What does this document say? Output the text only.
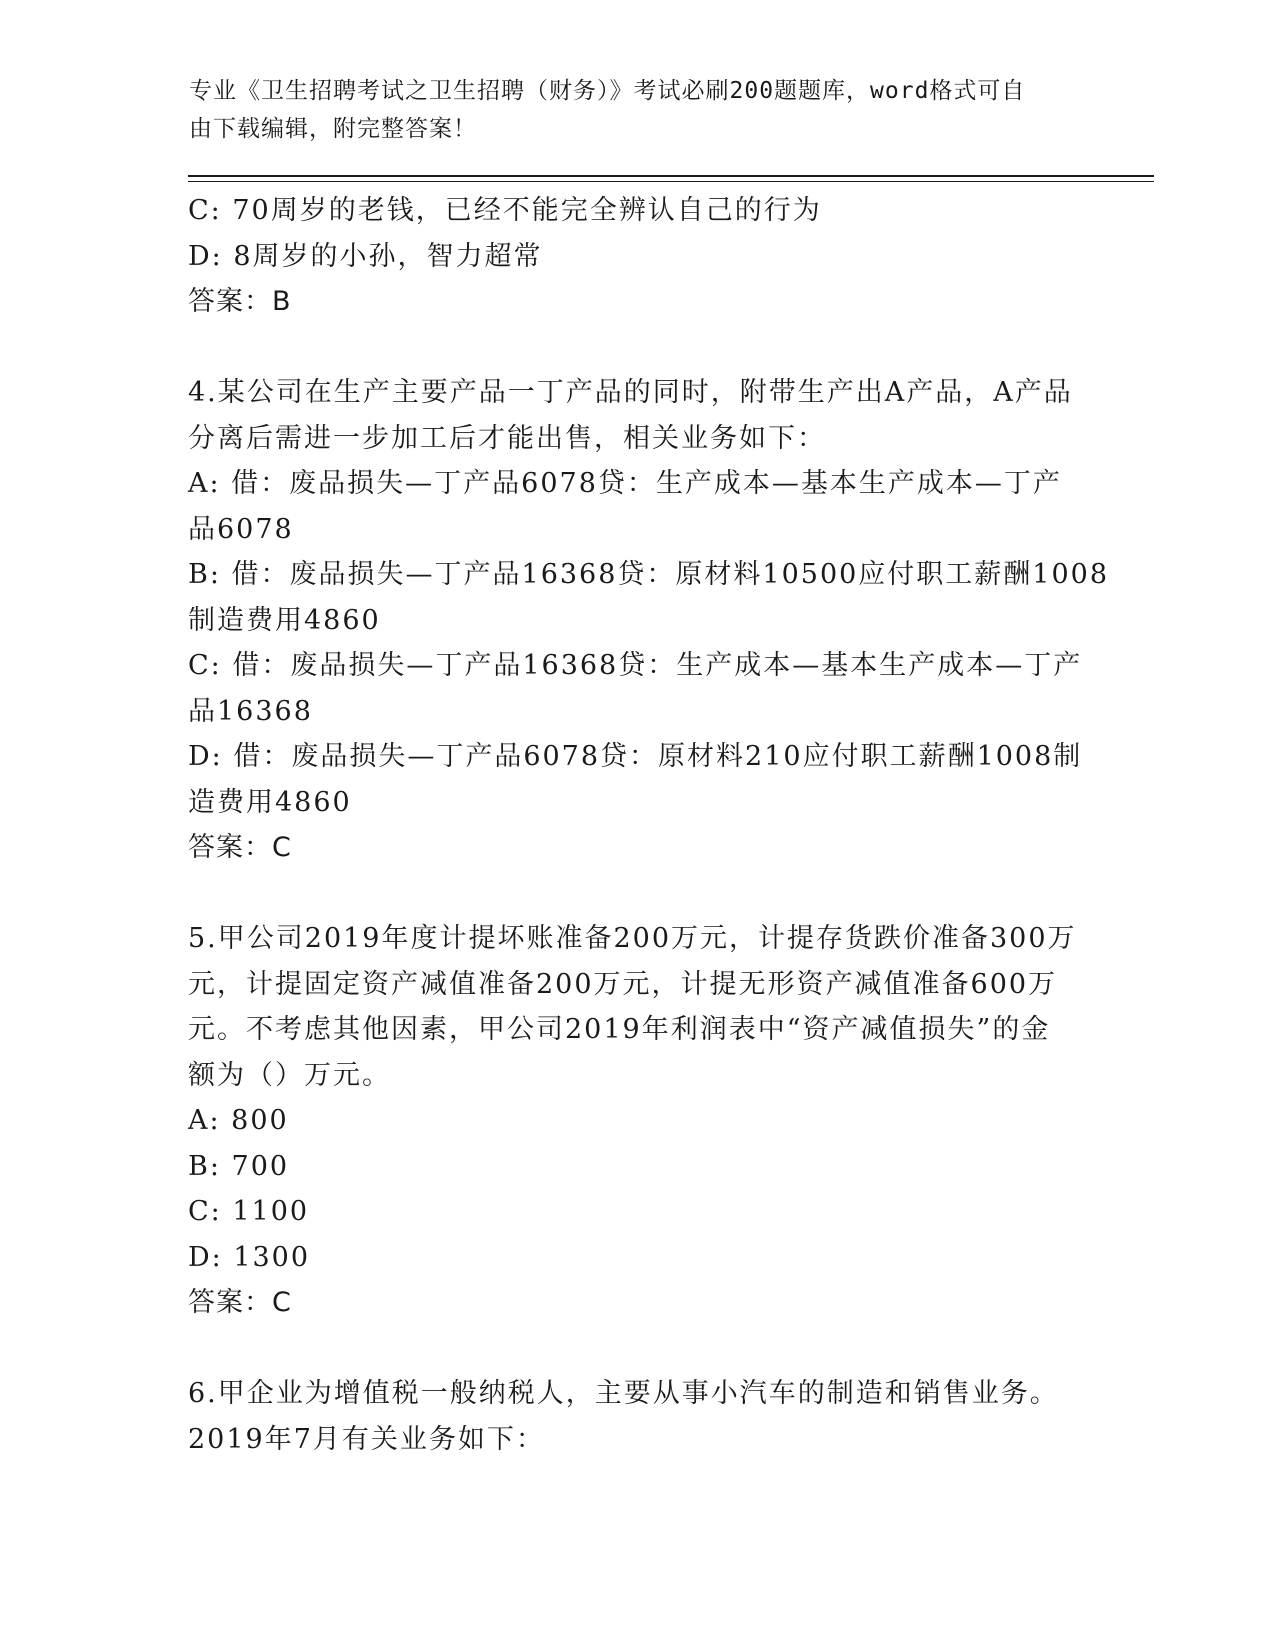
专业《卫生招聘考试之卫生招聘（财务）》考试必刷200题题库，word格式可自
由下载编辑，附完整答案！
C: 70周岁的老钱，已经不能完全辨认自己的行为
D: 8周岁的小孙，智力超常
答案：B
4.某公司在生产主要产品一丁产品的同时，附带生产出A产品，A产品
分离后需进一步加工后才能出售，相关业务如下：
A: 借：废品损失—丁产品6078贷：生产成本—基本生产成本—丁产
品6078
B: 借：废品损失—丁产品16368贷：原材料10500应付职工薪酬1008
制造费用4860
C: 借：废品损失—丁产品16368贷：生产成本—基本生产成本—丁产
品16368
D: 借：废品损失—丁产品6078贷：原材料210应付职工薪酬1008制
造费用4860
答案：C
5.甲公司2019年度计提坏账准备200万元，计提存货跌价准备300万
元，计提固定资产减值准备200万元，计提无形资产减值准备600万
元。不考虑其他因素，甲公司2019年利润表中“资产减值损失”的金
额为（）万元。
A: 800
B: 700
C: 1100
D: 1300
答案：C
6.甲企业为增值税一般纳税人，主要从事小汽车的制造和销售业务。
2019年7月有关业务如下：
